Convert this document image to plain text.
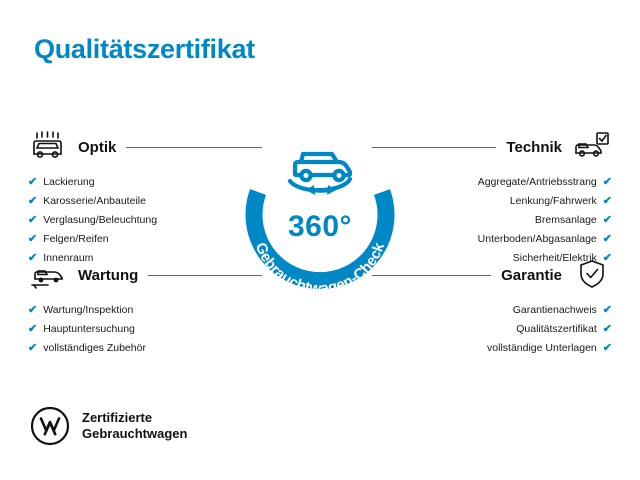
Qualitätszertifikat
Optik
✔ Lackierung
✔ Karosserie/Anbauteile
✔ Verglasung/Beleuchtung
✔ Felgen/Reifen
✔ Innenraum
Wartung
✔ Wartung/Inspektion
✔ Hauptuntersuchung
✔ vollständiges Zubehör
Technik
✔
Aggregate/Antriebsstrang
✔
Lenkung/Fahrwerk
✔
Bremsanlage
✔
Unterboden/Abgasanlage
✔
Sicherheit/Elektrik
Garantie
✔
Garantienachweis
✔
Qualitätszertifikat
✔
vollständige Unterlagen
Gebrauchtwagen-Check
360°
Zertifizierte
Gebrauchtwagen
